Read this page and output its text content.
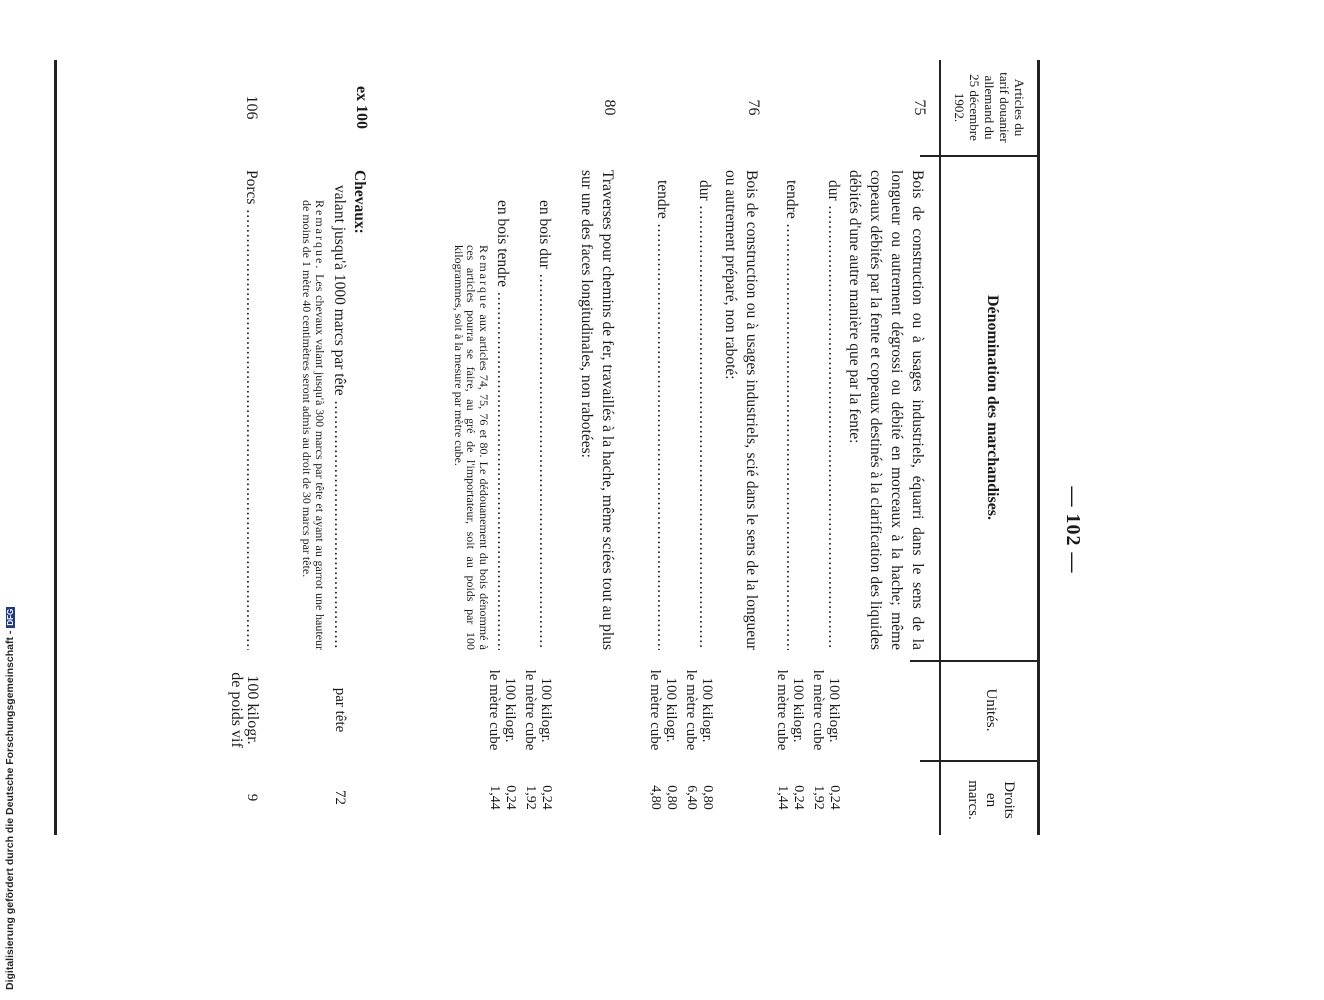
Digitalisierung gefördert durch die Deutsche Forschungsgemeinschaft -DFG
— 102 —
Articles du
tarif douanier
allemand du
25 décembre
1902.
Dénomination des marchandises.
Unités.
Droits
en
marcs.
75
Bois de construction ou à usages industriels, équarri dans le sens de la longueur ou autrement dégrossi ou débité en morceaux à la hache; même copeaux débités par la fente et copeaux destinés à la clarification des liquides débités d'une autre manière que par la fente:
dur .....
tendre .....
100 kilogr.
le mètre cube
100 kilogr.
le mètre cube
0,24
1,92
0,24
1,44
76
Bois de construction ou à usages industriels, scié dans le sens de la longueur ou autrement préparé, non raboté:
dur .....
tendre .....
100 kilogr.
le mètre cube
100 kilogr.
le mètre cube
0,80
6,40
0,80
4,80
80
Traverses pour chemins de fer, travaillés à la hache, même sciées tout au plus sur une des faces longitudinales, non rabotées:
en bois dur .....
en bois tendre .....
Remarque aux articles 74, 75, 76 et 80. Le dédouanement du bois dénommé à ces articles pourra se faire, au gré de l'importateur, soit au poids par 100 kilogrammes, soit à la mesure par mètre cube.
100 kilogr.
le mètre cube
100 kilogr.
le mètre cube
0,24
1,92
0,24
1,44
ex 100
Chevaux:
valant jusqu'à 1000 marcs par tête .....
Remarque. Les chevaux valant jusqu'à 300 marcs par tête et ayant au garrot une hauteur de moins de 1 mètre 40 centimètres seront admis au droit de 30 marcs par tête.
par tête
72
106
Porcs .....
100 kilogr.
de poids vif
9
